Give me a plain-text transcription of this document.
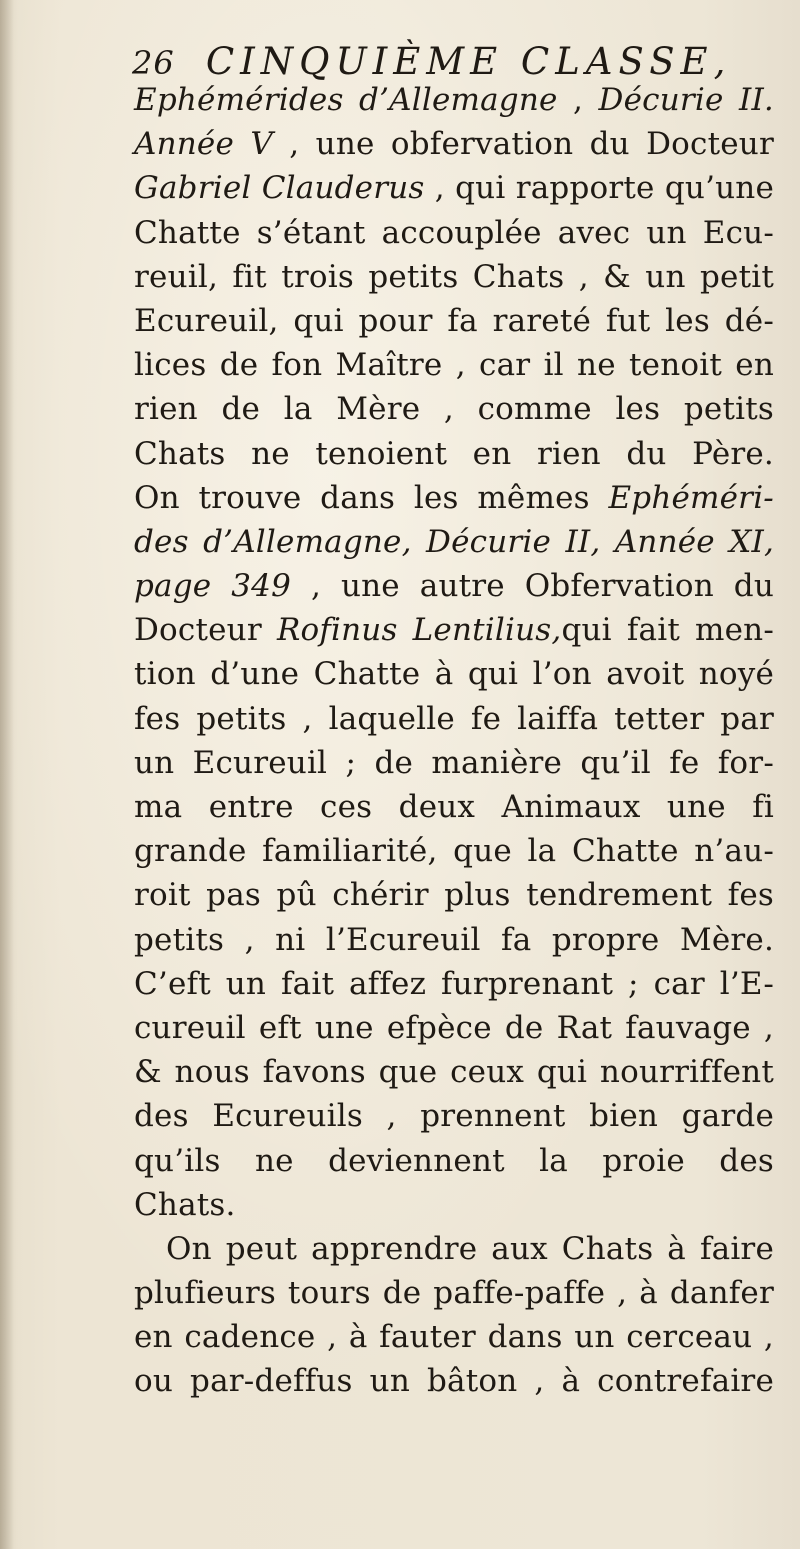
26 CINQUIÈME CLASSE,
Ephémérides d’Allemagne , Décurie II.
Année V , une obfervation du Docteur
Gabriel Clauderus , qui rapporte qu’une
Chatte s’étant accouplée avec un Ecu-
reuil, fit trois petits Chats , & un petit
Ecureuil, qui pour fa rareté fut les dé-
lices de fon Maître , car il ne tenoit en
rien de la Mère , comme les petits
Chats ne tenoient en rien du Père.
On trouve dans les mêmes Ephéméri-
des d’Allemagne, Décurie II, Année XI,
page 349 , une autre Obfervation du
Docteur Rofinus Lentilius,qui fait men-
tion d’une Chatte à qui l’on avoit noyé
fes petits , laquelle fe laiffa tetter par
un Ecureuil ; de manière qu’il fe for-
ma entre ces deux Animaux une fi
grande familiarité, que la Chatte n’au-
roit pas pû chérir plus tendrement fes
petits , ni l’Ecureuil fa propre Mère.
C’eft un fait affez furprenant ; car l’E-
cureuil eft une efpèce de Rat fauvage ,
& nous favons que ceux qui nourriffent
des Ecureuils , prennent bien garde
qu’ils ne deviennent la proie des
Chats.
On peut apprendre aux Chats à faire
plufieurs tours de paffe-paffe , à danfer
en cadence , à fauter dans un cerceau ,
ou par-deffus un bâton , à contrefaire
